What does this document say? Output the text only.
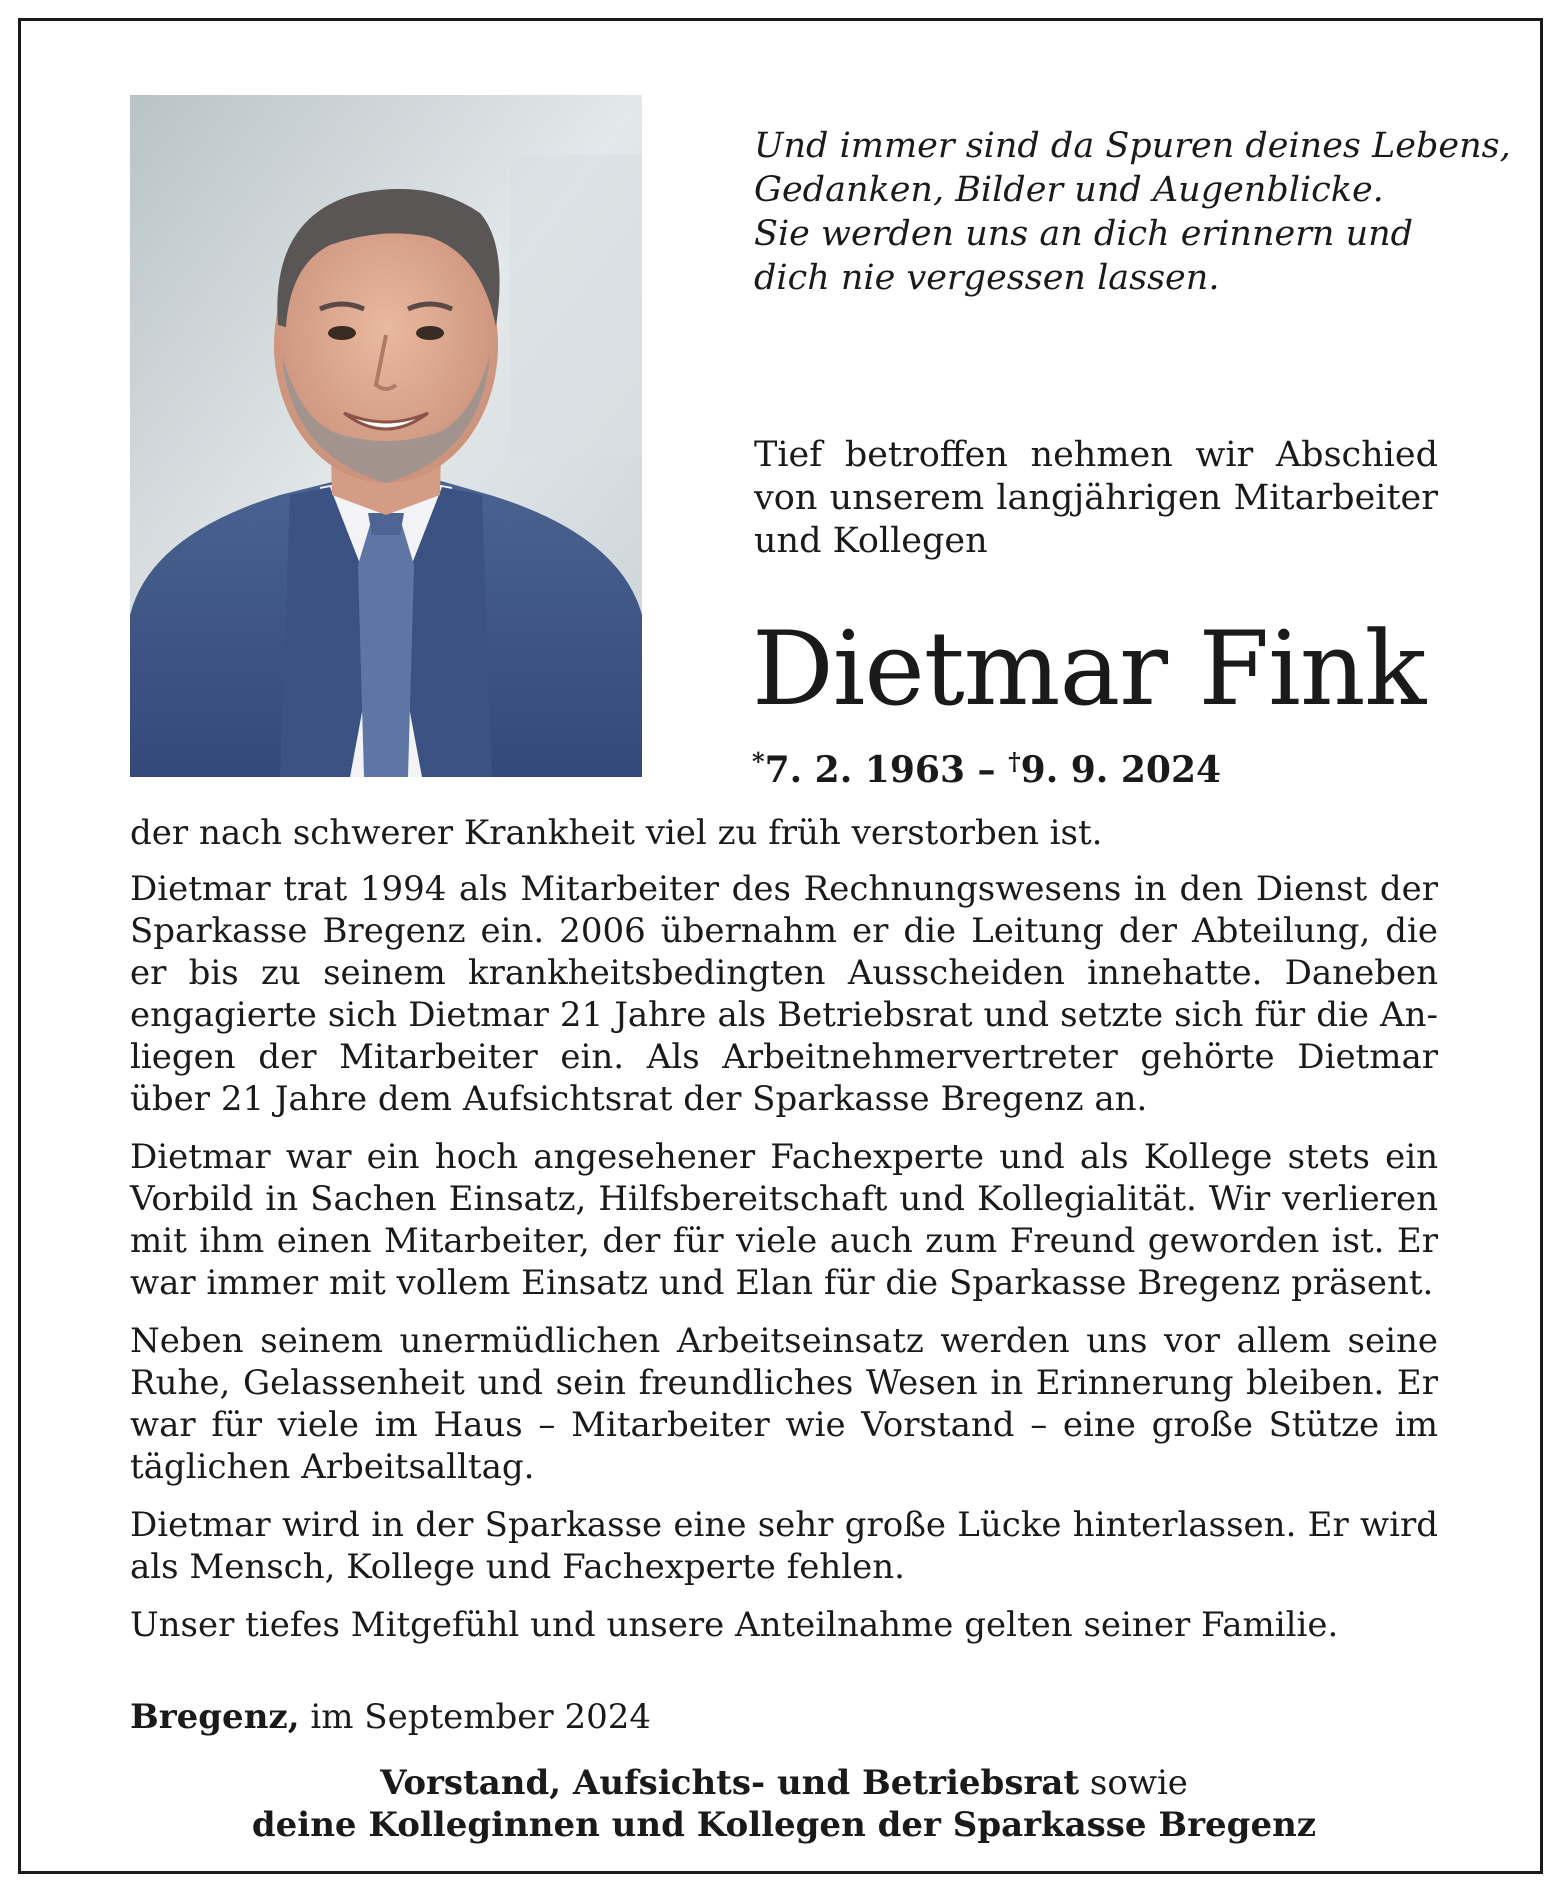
Und immer sind da Spuren deines Lebens,
Gedanken, Bilder und Augenblicke.
Sie werden uns an dich erinnern und
dich nie vergessen lassen.
Tief betroffen nehmen wir Abschied von unserem langjährigen Mitarbeiter und Kollegen
Dietmar Fink
*7. 2. 1963 – †9. 9. 2024

der nach schwerer Krankheit viel zu früh verstorben ist.

Dietmar trat 1994 als Mitarbeiter des Rechnungswesens in den Dienst der Sparkasse Bregenz ein. 2006 übernahm er die Leitung der Abteilung, die er bis zu seinem krankheitsbedingten Ausscheiden innehatte. Daneben engagierte sich Dietmar 21 Jahre als Betriebsrat und setzte sich für die Anliegen der Mitarbeiter ein. Als Arbeitnehmervertreter gehörte Dietmar über 21 Jahre dem Aufsichtsrat der Sparkasse Bregenz an.

Dietmar war ein hoch angesehener Fachexperte und als Kollege stets ein Vorbild in Sachen Einsatz, Hilfsbereitschaft und Kollegialität. Wir verlieren mit ihm einen Mitarbeiter, der für viele auch zum Freund geworden ist. Er war immer mit vollem Einsatz und Elan für die Sparkasse Bregenz präsent.

Neben seinem unermüdlichen Arbeitseinsatz werden uns vor allem seine Ruhe, Gelassenheit und sein freundliches Wesen in Erinnerung bleiben. Er war für viele im Haus – Mitarbeiter wie Vorstand – eine große Stütze im täglichen Arbeitsalltag.

Dietmar wird in der Sparkasse eine sehr große Lücke hinterlassen. Er wird als Mensch, Kollege und Fachexperte fehlen.

Unser tiefes Mitgefühl und unsere Anteilnahme gelten seiner Familie.

Bregenz, im September 2024
Vorstand, Aufsichts- und Betriebsrat sowie
deine Kolleginnen und Kollegen der Sparkasse Bregenz
